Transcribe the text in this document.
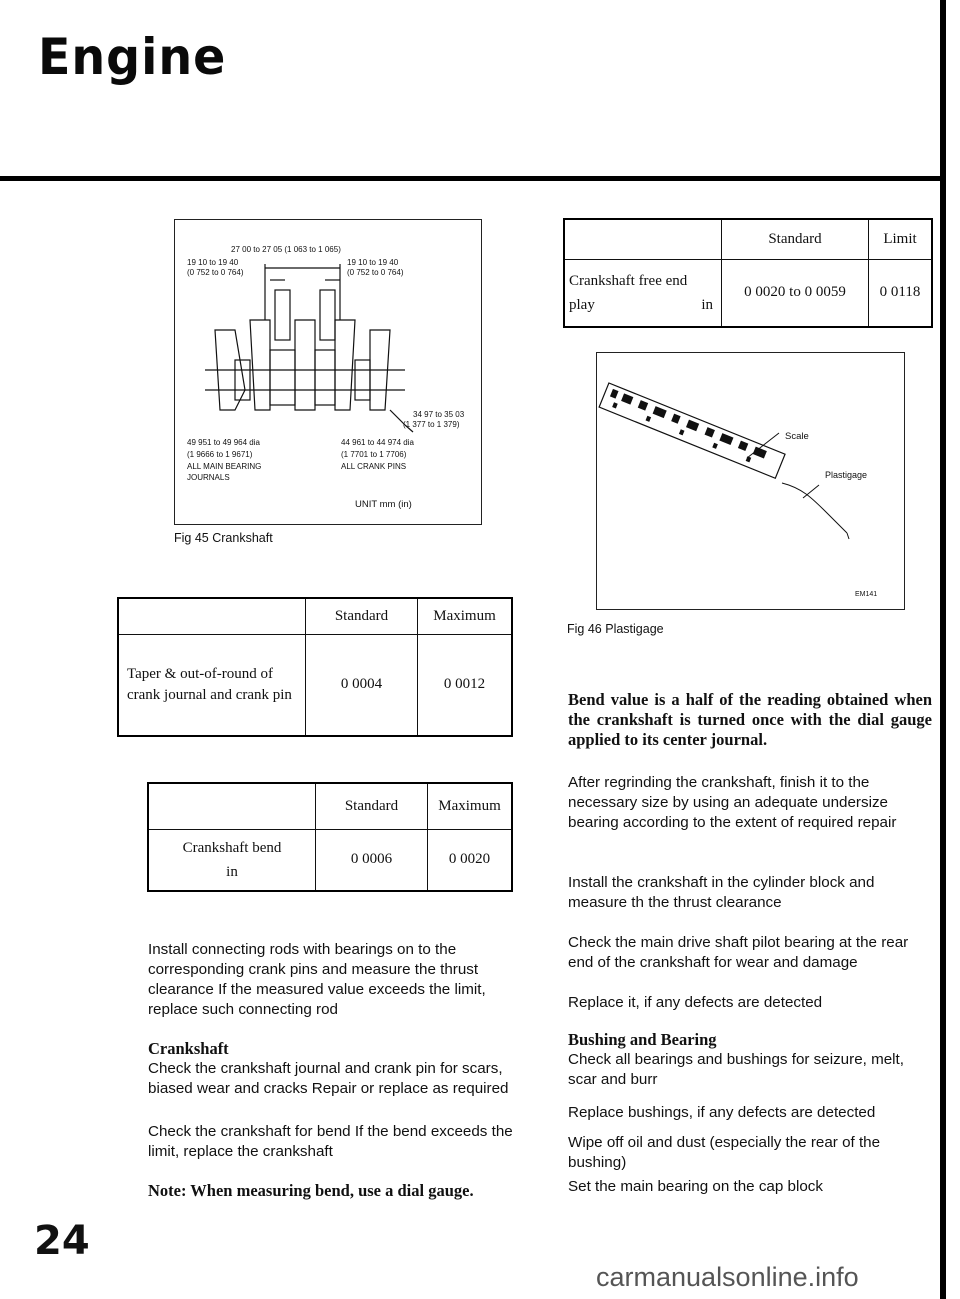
Engine
27 00 to 27 05 (1 063 to 1 065)
19 10 to 19 40
(0 752 to 0 764)
19 10 to 19 40
(0 752 to 0 764)
34 97 to 35 03
(1 377 to 1 379)
49 951 to 49 964 dia
(1 9666 to 1 9671)
ALL MAIN BEARING
JOURNALS
44 961 to 44 974 dia
(1 7701 to 1 7706)
ALL CRANK PINS
UNIT mm (in)
Fig 45 Crankshaft
	Standard	Maximum
Taper & out-of-round of crank journal and crank pin	0 0004	0 0012
	Standard	Maximum

Crankshaft bend
in	0 0006	0 0020
Install connecting rods with bearings on to the corresponding crank pins and measure the thrust clearance If the measured value exceeds the limit, replace such connecting rod
Crankshaft
Check the crankshaft journal and crank pin for scars, biased wear and cracks Repair or replace as required
Check the crankshaft for bend If the bend exceeds the limit, replace the crankshaft
Note: When measuring bend, use a dial gauge.
24
	Standard	Limit

Crankshaft free end
play in	0 0020 to 0 0059	0 0118
Scale
Plastigage
EM141
Fig 46 Plastigage
Bend value is a half of the reading obtained when the crankshaft is turned once with the dial gauge applied to its center journal.
After regrinding the crankshaft, finish it to the necessary size by using an adequate undersize bearing according to the extent of required repair
Install the crankshaft in the cylinder block and measure th the thrust clearance
Check the main drive shaft pilot bearing at the rear end of the crankshaft for wear and damage
Replace it, if any defects are detected
Bushing and Bearing
Check all bearings and bushings for seizure, melt, scar and burr
Replace bushings, if any defects are detected
Wipe off oil and dust (especially the rear of the bushing)
Set the main bearing on the cap block
carmanualsonline.info
